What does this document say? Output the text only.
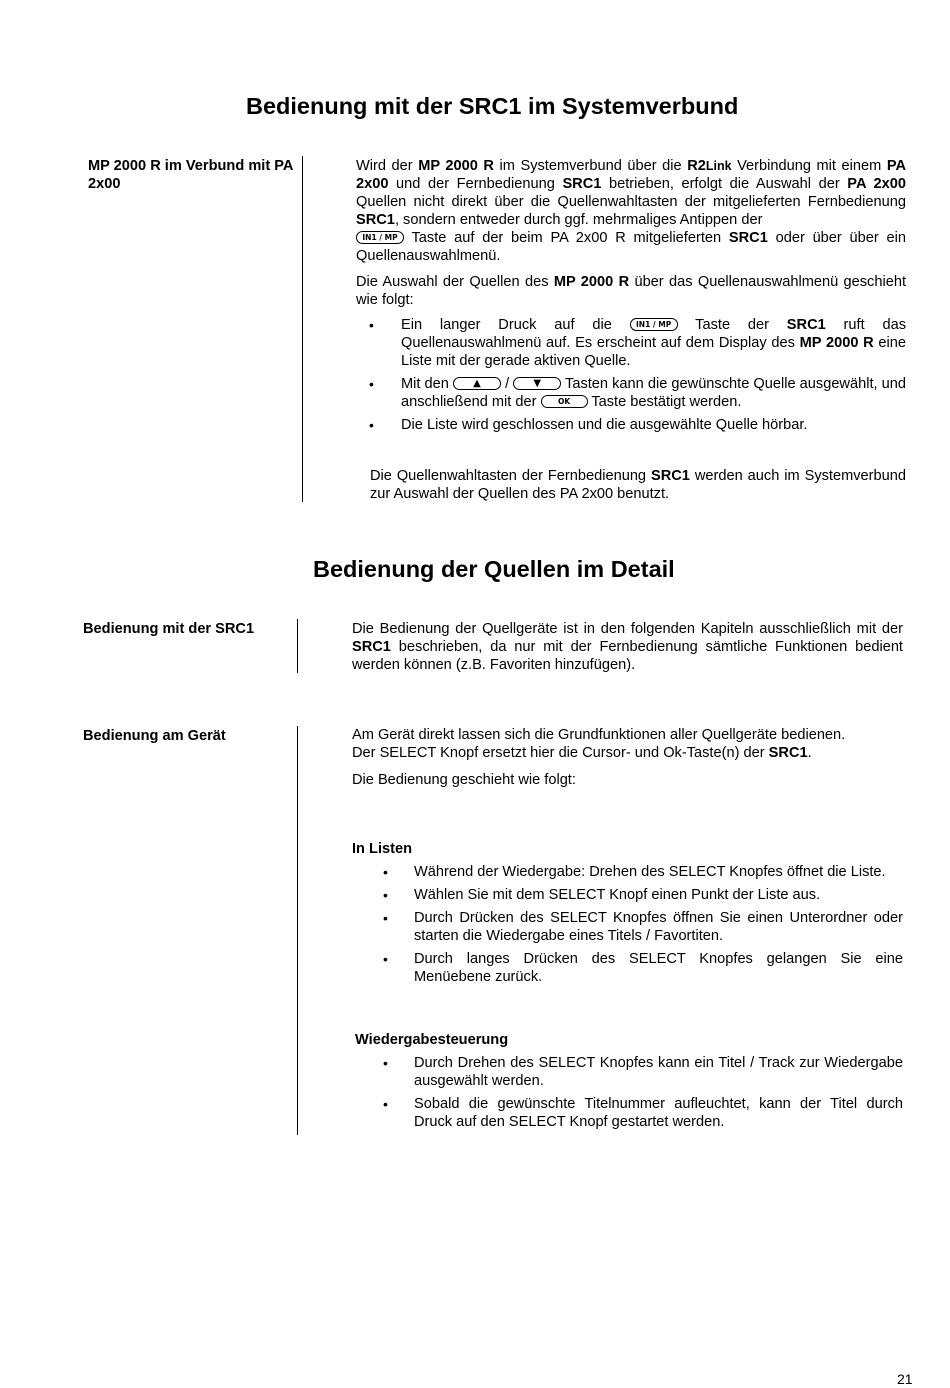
Bedienung mit der SRC1 im Systemverbund
MP 2000 R im Verbund mit PA 2x00

Wird der MP 2000 R im Systemverbund über die R2Link Verbindung mit einem PA 2x00 und der Fernbedienung SRC1 betrieben, erfolgt die Auswahl der PA 2x00 Quellen nicht direkt über die Quellenwahltasten der mitgelieferten Fernbedienung SRC1, sondern entweder durch ggf. mehrmaliges Antippen der
IN1 / MP Taste auf der beim PA 2x00 R mitgelieferten SRC1 oder über über ein Quellenauswahlmenü.

Die Auswahl der Quellen des MP 2000 R über das Quellenauswahlmenü geschieht wie folgt:

• Ein langer Druck auf die IN1 / MP Taste der SRC1 ruft das Quellenauswahlmenü auf. Es erscheint auf dem Display des MP 2000 R eine Liste mit der gerade aktiven Quelle.
• Mit den ▲ / ▼ Tasten kann die gewünschte Quelle ausgewählt, und anschließend mit der OK Taste bestätigt werden.
• Die Liste wird geschlossen und die ausgewählte Quelle hörbar.

Die Quellenwahltasten der Fernbedienung SRC1 werden auch im Systemverbund zur Auswahl der Quellen des PA 2x00 benutzt.

Bedienung der Quellen im Detail
Bedienung mit der SRC1	Die Bedienung der Quellgeräte ist in den folgenden Kapiteln ausschließlich mit der SRC1 beschrieben, da nur mit der Fernbedienung sämtliche Funktionen bedient werden können (z.B. Favoriten hinzufügen).

Bedienung am Gerät	Am Gerät direkt lassen sich die Grundfunktionen aller Quellgeräte bedienen.
Der SELECT Knopf ersetzt hier die Cursor- und Ok-Taste(n) der SRC1.
Die Bedienung geschieht wie folgt:
In Listen
• Während der Wiedergabe: Drehen des SELECT Knopfes öffnet die Liste.
• Wählen Sie mit dem SELECT Knopf einen Punkt der Liste aus.
• Durch Drücken des SELECT Knopfes öffnen Sie einen Unterordner oder starten die Wiedergabe eines Titels / Favortiten.
• Durch langes Drücken des SELECT Knopfes gelangen Sie eine Menüebene zurück.
Wiedergabesteuerung
• Durch Drehen des SELECT Knopfes kann ein Titel / Track zur Wiedergabe ausgewählt werden.
• Sobald die gewünschte Titelnummer aufleuchtet, kann der Titel durch Druck auf den SELECT Knopf gestartet werden.
21
